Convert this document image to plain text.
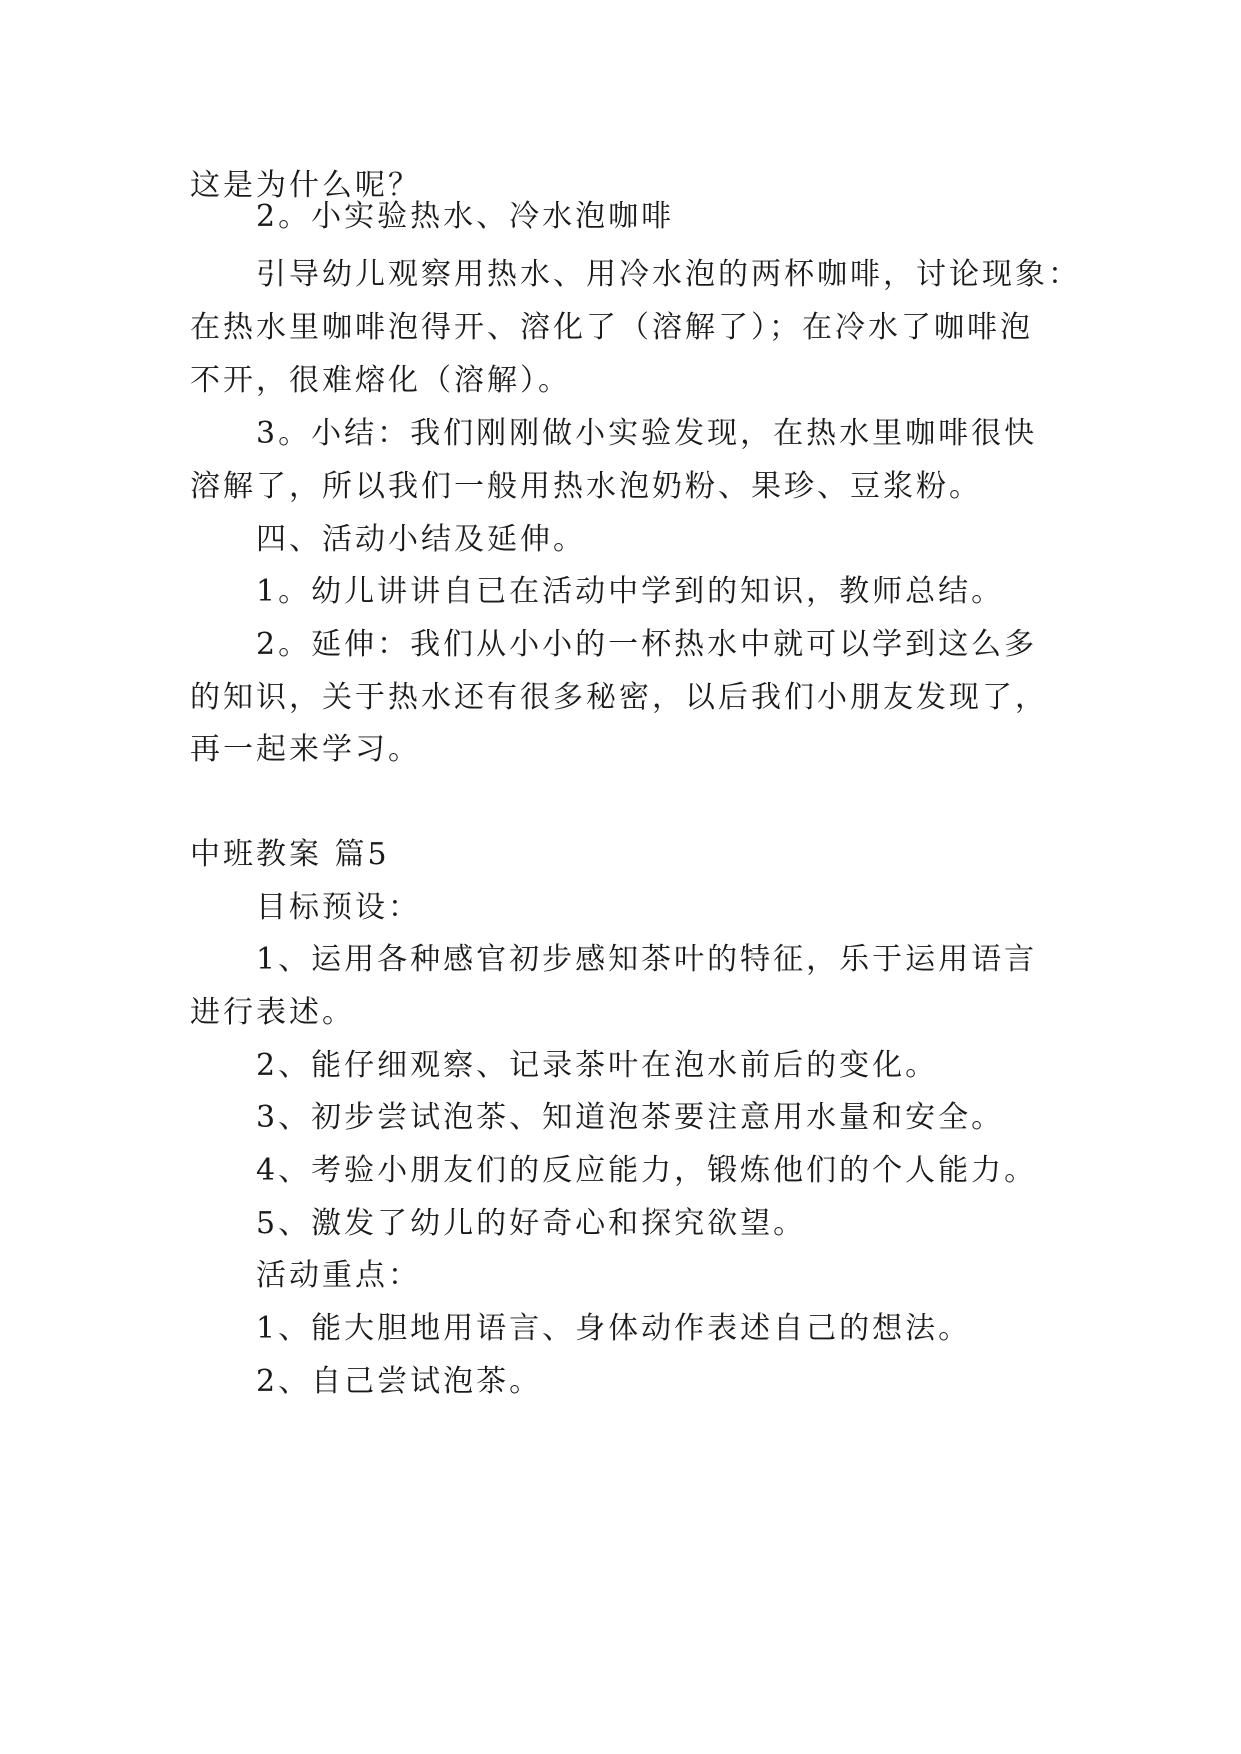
这是为什么呢？
2。小实验热水、冷水泡咖啡
引导幼儿观察用热水、用冷水泡的两杯咖啡，讨论现象：
在热水里咖啡泡得开、溶化了（溶解了）；在冷水了咖啡泡
不开，很难熔化（溶解）。
3。小结：我们刚刚做小实验发现，在热水里咖啡很快
溶解了，所以我们一般用热水泡奶粉、果珍、豆浆粉。
四、活动小结及延伸。
1。幼儿讲讲自已在活动中学到的知识，教师总结。
2。延伸：我们从小小的一杯热水中就可以学到这么多
的知识，关于热水还有很多秘密，以后我们小朋友发现了，
再一起来学习。
中班教案 篇5
目标预设：
1、运用各种感官初步感知茶叶的特征，乐于运用语言
进行表述。
2、能仔细观察、记录茶叶在泡水前后的变化。
3、初步尝试泡茶、知道泡茶要注意用水量和安全。
4、考验小朋友们的反应能力，锻炼他们的个人能力。
5、激发了幼儿的好奇心和探究欲望。
活动重点：
1、能大胆地用语言、身体动作表述自己的想法。
2、自己尝试泡茶。
